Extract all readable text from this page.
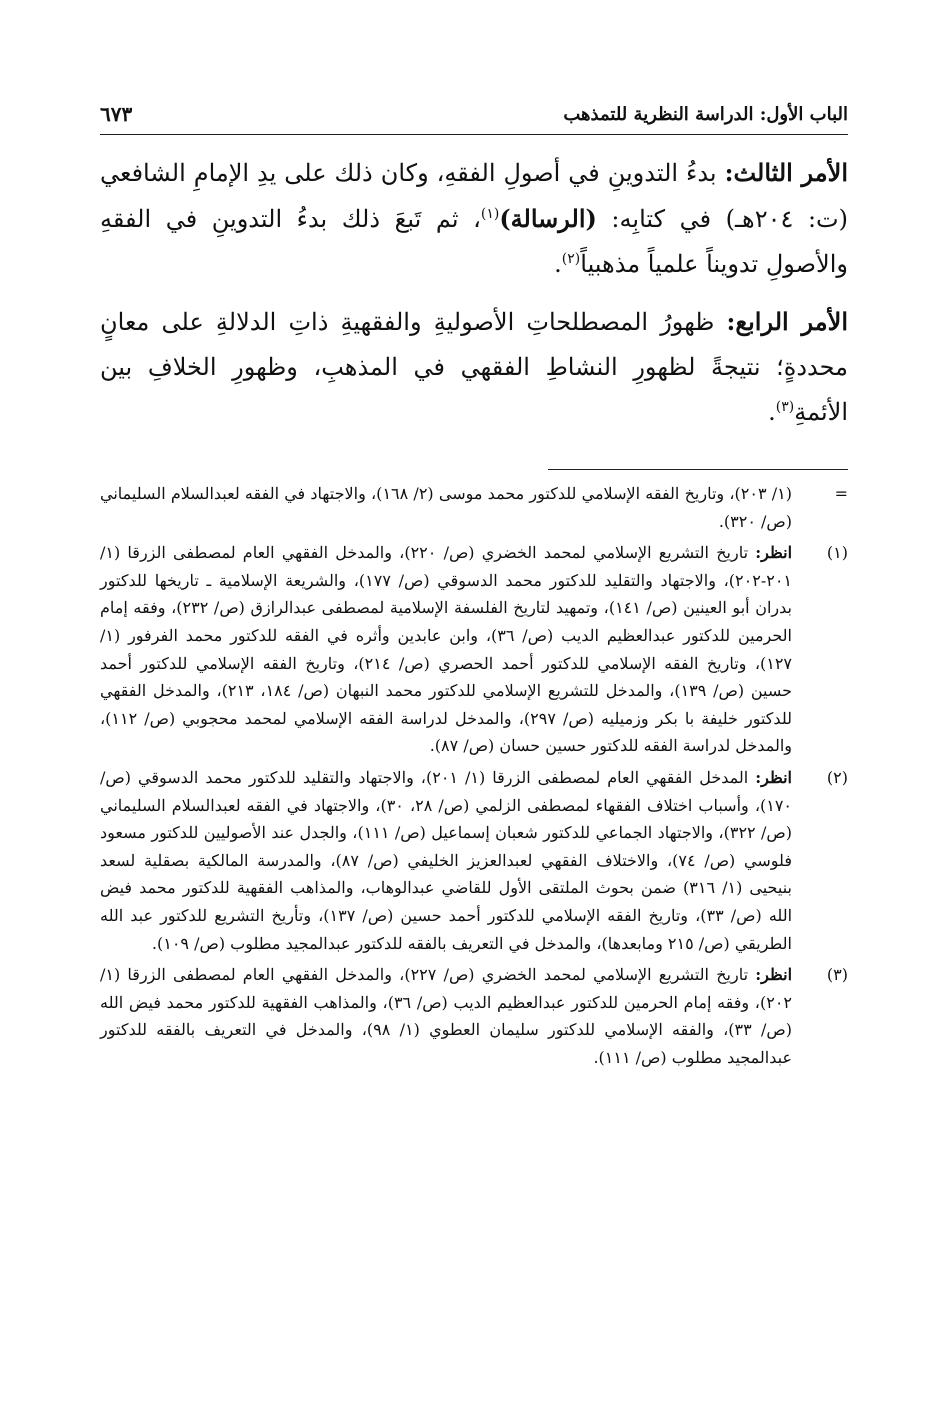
الباب الأول: الدراسة النظرية للتمذهب
٦٧٣

الأمر الثالث: بدءُ التدوينِ في أصولِ الفقهِ، وكان ذلك على يدِ الإمامِ الشافعي (ت: ٢٠٤هـ) في كتابِه: (الرسالة)$^{(١)}$، ثم تَبعَ ذلك بدءُ التدوينِ في الفقهِ والأصولِ تدويناً علمياً مذهبياً$^{(٢)}$.

الأمر الرابع: ظهورُ المصطلحاتِ الأصوليةِ والفقهيةِ ذاتِ الدلالةِ على معانٍ محددةٍ؛ نتيجةً لظهورِ النشاطِ الفقهي في المذهبِ، وظهورِ الخلافِ بين الأئمةِ$^{(٣)}$.

=
(١/ ٢٠٣)، وتاريخ الفقه الإسلامي للدكتور محمد موسى (٢/ ١٦٨)، والاجتهاد في الفقه لعبدالسلام السليماني (ص/ ٣٢٠).
(١)
انظر: تاريخ التشريع الإسلامي لمحمد الخضري (ص/ ٢٢٠)، والمدخل الفقهي العام لمصطفى الزرقا (١/ ٢٠١-٢٠٢)، والاجتهاد والتقليد للدكتور محمد الدسوقي (ص/ ١٧٧)، والشريعة الإسلامية ـ تاريخها للدكتور بدران أبو العينين (ص/ ١٤١)، وتمهيد لتاريخ الفلسفة الإسلامية لمصطفى عبدالرازق (ص/ ٢٣٢)، وفقه إمام الحرمين للدكتور عبدالعظيم الديب (ص/ ٣٦)، وابن عابدين وأثره في الفقه للدكتور محمد الفرفور (١/ ١٢٧)، وتاريخ الفقه الإسلامي للدكتور أحمد الحصري (ص/ ٢١٤)، وتاريخ الفقه الإسلامي للدكتور أحمد حسين (ص/ ١٣٩)، والمدخل للتشريع الإسلامي للدكتور محمد النبهان (ص/ ١٨٤، ٢١٣)، والمدخل الفقهي للدكتور خليفة با بكر وزميليه (ص/ ٢٩٧)، والمدخل لدراسة الفقه الإسلامي لمحمد محجوبي (ص/ ١١٢)، والمدخل لدراسة الفقه للدكتور حسين حسان (ص/ ٨٧).
(٢)
انظر: المدخل الفقهي العام لمصطفى الزرقا (١/ ٢٠١)، والاجتهاد والتقليد للدكتور محمد الدسوقي (ص/ ١٧٠)، وأسباب اختلاف الفقهاء لمصطفى الزلمي (ص/ ٢٨، ٣٠)، والاجتهاد في الفقه لعبدالسلام السليماني (ص/ ٣٢٢)، والاجتهاد الجماعي للدكتور شعبان إسماعيل (ص/ ١١١)، والجدل عند الأصوليين للدكتور مسعود فلوسي (ص/ ٧٤)، والاختلاف الفقهي لعبدالعزيز الخليفي (ص/ ٨٧)، والمدرسة المالكية بصقلية لسعد بنيحيى (١/ ٣١٦) ضمن بحوث الملتقى الأول للقاضي عبدالوهاب، والمذاهب الفقهية للدكتور محمد فيض الله (ص/ ٣٣)، وتاريخ الفقه الإسلامي للدكتور أحمد حسين (ص/ ١٣٧)، وتأريخ التشريع للدكتور عبد الله الطريقي (ص/ ٢١٥ ومابعدها)، والمدخل في التعريف بالفقه للدكتور عبدالمجيد مطلوب (ص/ ١٠٩).
(٣)
انظر: تاريخ التشريع الإسلامي لمحمد الخضري (ص/ ٢٢٧)، والمدخل الفقهي العام لمصطفى الزرقا (١/ ٢٠٢)، وفقه إمام الحرمين للدكتور عبدالعظيم الديب (ص/ ٣٦)، والمذاهب الفقهية للدكتور محمد فيض الله (ص/ ٣٣)، والفقه الإسلامي للدكتور سليمان العطوي (١/ ٩٨)، والمدخل في التعريف بالفقه للدكتور عبدالمجيد مطلوب (ص/ ١١١).
